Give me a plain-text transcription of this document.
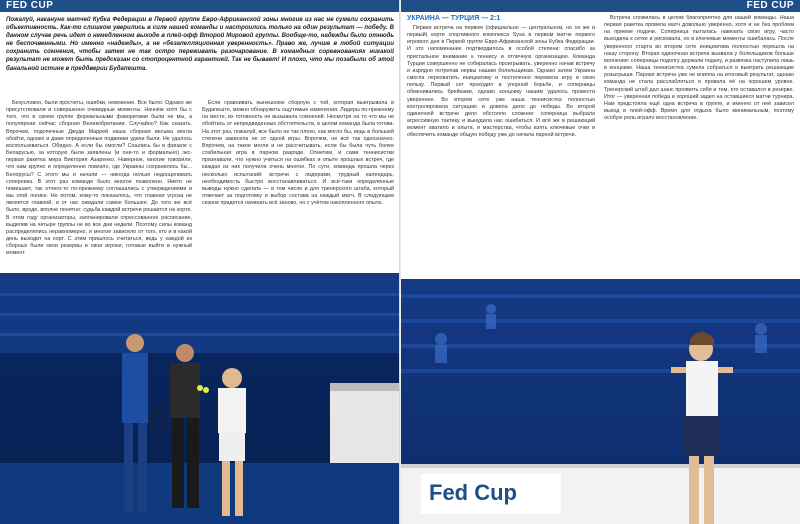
FED CUP
Пожалуй, накануне матчей Кубка Федерации в Первой группе Евро-Африканской зоны многие из нас не сумели сохранить объективность. Как-то слишком уверились в силе нашей команды и настроились только на один результат — победу. В данном случае речь идет о немедленном выходе в плей-офф Второй Мировой группы. Вообще-то, надежды были отнюдь не беспочвенными. Но именно «надежды», а не «безапелляционная уверенность». Право же, лучше в любой ситуации сохранить сомнения, чтобы затем не так остро переживать разочарование. В командных соревнованиях никакой результат не может быть предсказан со стопроцентной гарантией. Так не бывает! И плохо, что мы позабыли об этой банальной истине в преддверии Будапешта.

Безусловно, были просчеты, ошибки, невезение. Все было: Однако же присутствовали и совершенно очевидные моменты. Начнём хотя бы с того, что в своем группе формальными фаворитами были не мы, а популярная сейчас сборная Великобритании. Случайно? Как сказать. Впрочем, подопечные Джуди Маррей наша сборная весьма могла обойти, однако и даже определенные подвижки удачи были. Не удалось воспользоваться. Обидно. А если бы смогли? Сошлись бы в финале с Беларусью, за которую были заявлены (и они-то и формально) экс-первая ракетка мира Виктория Азаренко. Наверное, многие говорили, что нам крупно и определенно повезло, где Украины сохранились бы... Белорусы? С этого мы и начали — никогда нельзя недооценивать соперника. В этот раз команде было многое позволено. Никто не помешает, так отчего-то по-прежнему соглашались с утверждениями и мы этой логике. Но потом, кому-то показалось, что главная угроза не является главной, и от нас ожидали самое большее. До того же всё было, вроде, вполне понятно: судьба каждой встречи решается на корте. В этом году организаторы, запланировали спрессованное расписание, выделив на четыре группы не во все дни недели. Поэтому силы команд распределялись неравномерно, и многое зависело от того, кто и в какой день выходит на корт. С этим пришлось считаться, ведь у каждой из сборных были свои резервы и свои игроки, готовые выйти в нужный момент.

Если сравнивать нынешнюю сборную с той, которая выигрывала в Будапеште, можно обнаружить ощутимые изменения. Лидеры по-прежнему на месте, их готовность не вызывала сомнений. Несмотря на то что мы не обойтись от непредвиденных обстоятельств, в целом команда была готова. На этот раз, пожалуй, все было не так плохо, как могло бы, ведь в большей степени зависела не от одной игры. Впрочем, не всё так однозначно. Впрочем, на такое могли и не рассчитывать, если бы была чуть более стабильная игра в парном разряде. Отметим, и сами теннисистки признавали, что нужно учиться на ошибках и опыте прошлых встреч, где каждая из них получила очень многое. По сути, команда прошла через несколько испытаний: встречи с лидерами, трудный календарь, необходимость быстро восстанавливаться. И всё-таки определенные выводы нужно сделать — в том числе и для тренерского штаба, который отвечает за подготовку и выбор состава на каждый матч. В следующем сезоне придется начинать всё заново, но с учётом накопленного опыта.

FED CUP
УКРАИНА — ТУРЦИЯ — 2:1

Первая встреча на первом (официально — центральном, но он же и первый) корте спортивного комплекса Sysa в первом матче первого игрового дня в Первой группе Евро-Африканской зоны Кубка Федерации. И это напоминание подтвердилось в особой степени: спасибо за пристальное внимание к теннису и отличную организацию. Команда Турции совершенно не собиралась проигрывать, уверенно начав встречу и изрядно потрепав нервы нашим болельщикам. Однако затем Украина смогла перехватить инициативу и постепенно перевела игру в свою пользу. Первый сет проходил в упорной борьбе, и соперницы обменивались брейками, однако концовку нашим удалось провести увереннее. Во втором сете уже наша теннисистка полностью контролировала ситуацию и довела дело до победы. Во второй одиночной встрече дело обстояло сложнее: соперница выбрала агрессивную тактику и вынудила нас ошибаться. И всё же в решающий момент хватило и опыта, и мастерства, чтобы взять ключевые очки и обеспечить команде общую победу уже до начала парной встречи.

Встреча сложилась в целом благоприятно для нашей команды. Наша первая ракетка провела матч довольно уверенно, хотя и не без проблем на приеме подачи. Соперница пыталась навязать свою игру, часто выходила к сетке и рисковала, но в ключевые моменты ошибалась. После уверенного старта во втором сете инициатива полностью перешла на нашу сторону. Вторая одиночная встреча вызвала у болельщиков больше волнения: соперницы подолгу держали подачу, и развязка наступила лишь в концовке. Наша теннисистка сумела собраться и выиграть решающие розыгрыши. Парная встреча уже не влияла на итоговый результат, однако команда не стала расслабляться и провела её на хорошем уровне. Тренерский штаб дал шанс проявить себя и тем, кто оставался в резерве. Итог — уверенная победа и хороший задел на оставшиеся матчи турнира. Нам предстояла ещё одна встреча в группе, и именно от неё зависел выход в плей-офф. Время для отдыха было минимальным, поэтому особую роль играло восстановление.

Fed Cup
